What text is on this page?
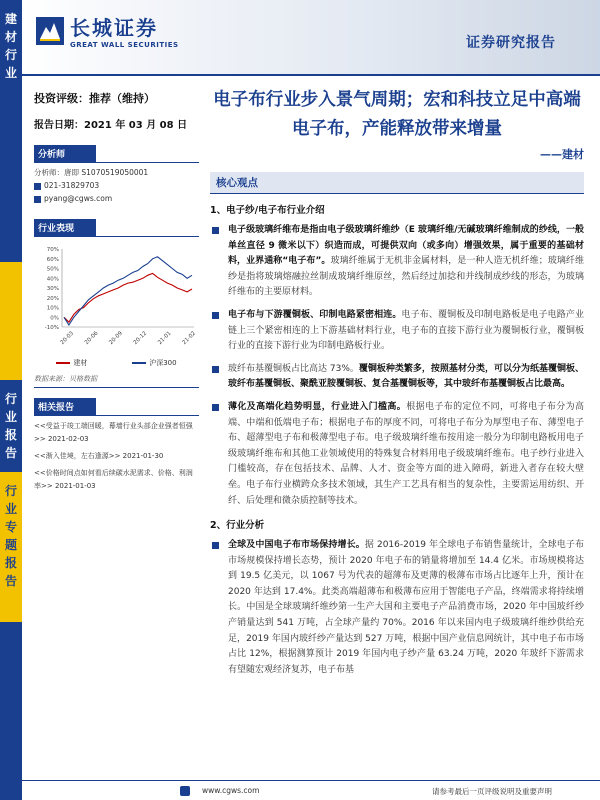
建
材
行
业
行
业
报
告
行
业
专
题
报
告
长城证券
GREAT WALL SECURITIES	证券研究报告
投资评级：推荐（维持）
报告日期：2021 年 03 月 08 日
分析师
分析师：唐即 S1070519050001
021-31829703
pyang@cgws.com
行业表现
70%
60%
50%
40%
30%
20%
10%
0%
-10%
20-03 20-06 20-09 20-12 21-01 21-02
建材	沪深300
数据来源：贝格数据
相关报告
<<受益于竣工端回暖，幕墙行业头部企业强者恒强>> 2021-02-03
<<渐入佳境，左右逢源>> 2021-01-30
<<价格时间点如何看后续碳水泥需求、价格、利润率>> 2021-01-03
电子布行业步入景气周期；宏和科技立足中高端电子布，产能释放带来增量
——建材
核心观点
1、电子纱/电子布行业介绍
电子级玻璃纤维布是指由电子级玻璃纤维纱（E 玻璃纤维/无碱玻璃纤维制成的纱线，一般单丝直径 9 微米以下）织造而成，可提供双向（或多向）增强效果，属于重要的基础材料，业界通称“电子布”。玻璃纤维属于无机非金属材料，是一种人造无机纤维；玻璃纤维纱是指将玻璃熔融拉丝制成玻璃纤维原丝，然后经过加捻和并线制成纱线的形态，为玻璃纤维布的主要原材料。
电子布与下游覆铜板、印制电路紧密相连。电子布、覆铜板及印制电路板是电子电路产业链上三个紧密相连的上下游基础材料行业，电子布的直接下游行业为覆铜板行业，覆铜板行业的直接下游行业为印制电路板行业。
玻纤布基覆铜板占比高达 73%。覆铜板种类繁多，按照基材分类，可以分为纸基覆铜板、玻纤布基覆铜板、聚酰亚胺覆铜板、复合基覆铜板等，其中玻纤布基覆铜板占比最高。
薄化及高端化趋势明显，行业进入门槛高。根据电子布的定位不同，可将电子布分为高端、中端和低端电子布；根据电子布的厚度不同，可将电子布分为厚型电子布、薄型电子布、超薄型电子布和极薄型电子布。电子级玻璃纤维布按用途一般分为印制电路板用电子级玻璃纤维布和其他工业领域使用的特殊复合材料用电子级玻璃纤维布。电子纱行业进入门槛较高，存在包括技术、品牌、人才、资金等方面的进入障碍，新进入者存在较大壁垒。电子布行业横跨众多技术领域，其生产工艺具有相当的复杂性，主要需运用纺织、开纤、后处理和微杂质控制等技术。
2、行业分析
全球及中国电子布市场保持增长。据 2016-2019 年全球电子布销售量统计，全球电子布市场规模保持增长态势，预计 2020 年电子布的销量将增加至 14.4 亿米。市场规模将达到 19.5 亿美元，以 1067 号为代表的超薄布及更薄的极薄布市场占比逐年上升，预计在 2020 年达到 17.4%。此类高端超薄布和极薄布应用于智能电子产品，终端需求将持续增长。中国是全球玻璃纤维纱第一生产大国和主要电子产品消费市场，2020 年中国玻纤纱产销量达到 541 万吨，占全球产量约 70%。2016 年以来国内电子级玻璃纤维纱供给充足，2019 年国内玻纤纱产量达到 527 万吨，根据中国产业信息网统计，其中电子布市场占比 12%，根据测算预计 2019 年国内电子纱产量 63.24 万吨，2020 年玻纤下游需求有望随宏观经济复苏，电子布基
www.cgws.com	请参考最后一页评级说明及重要声明
